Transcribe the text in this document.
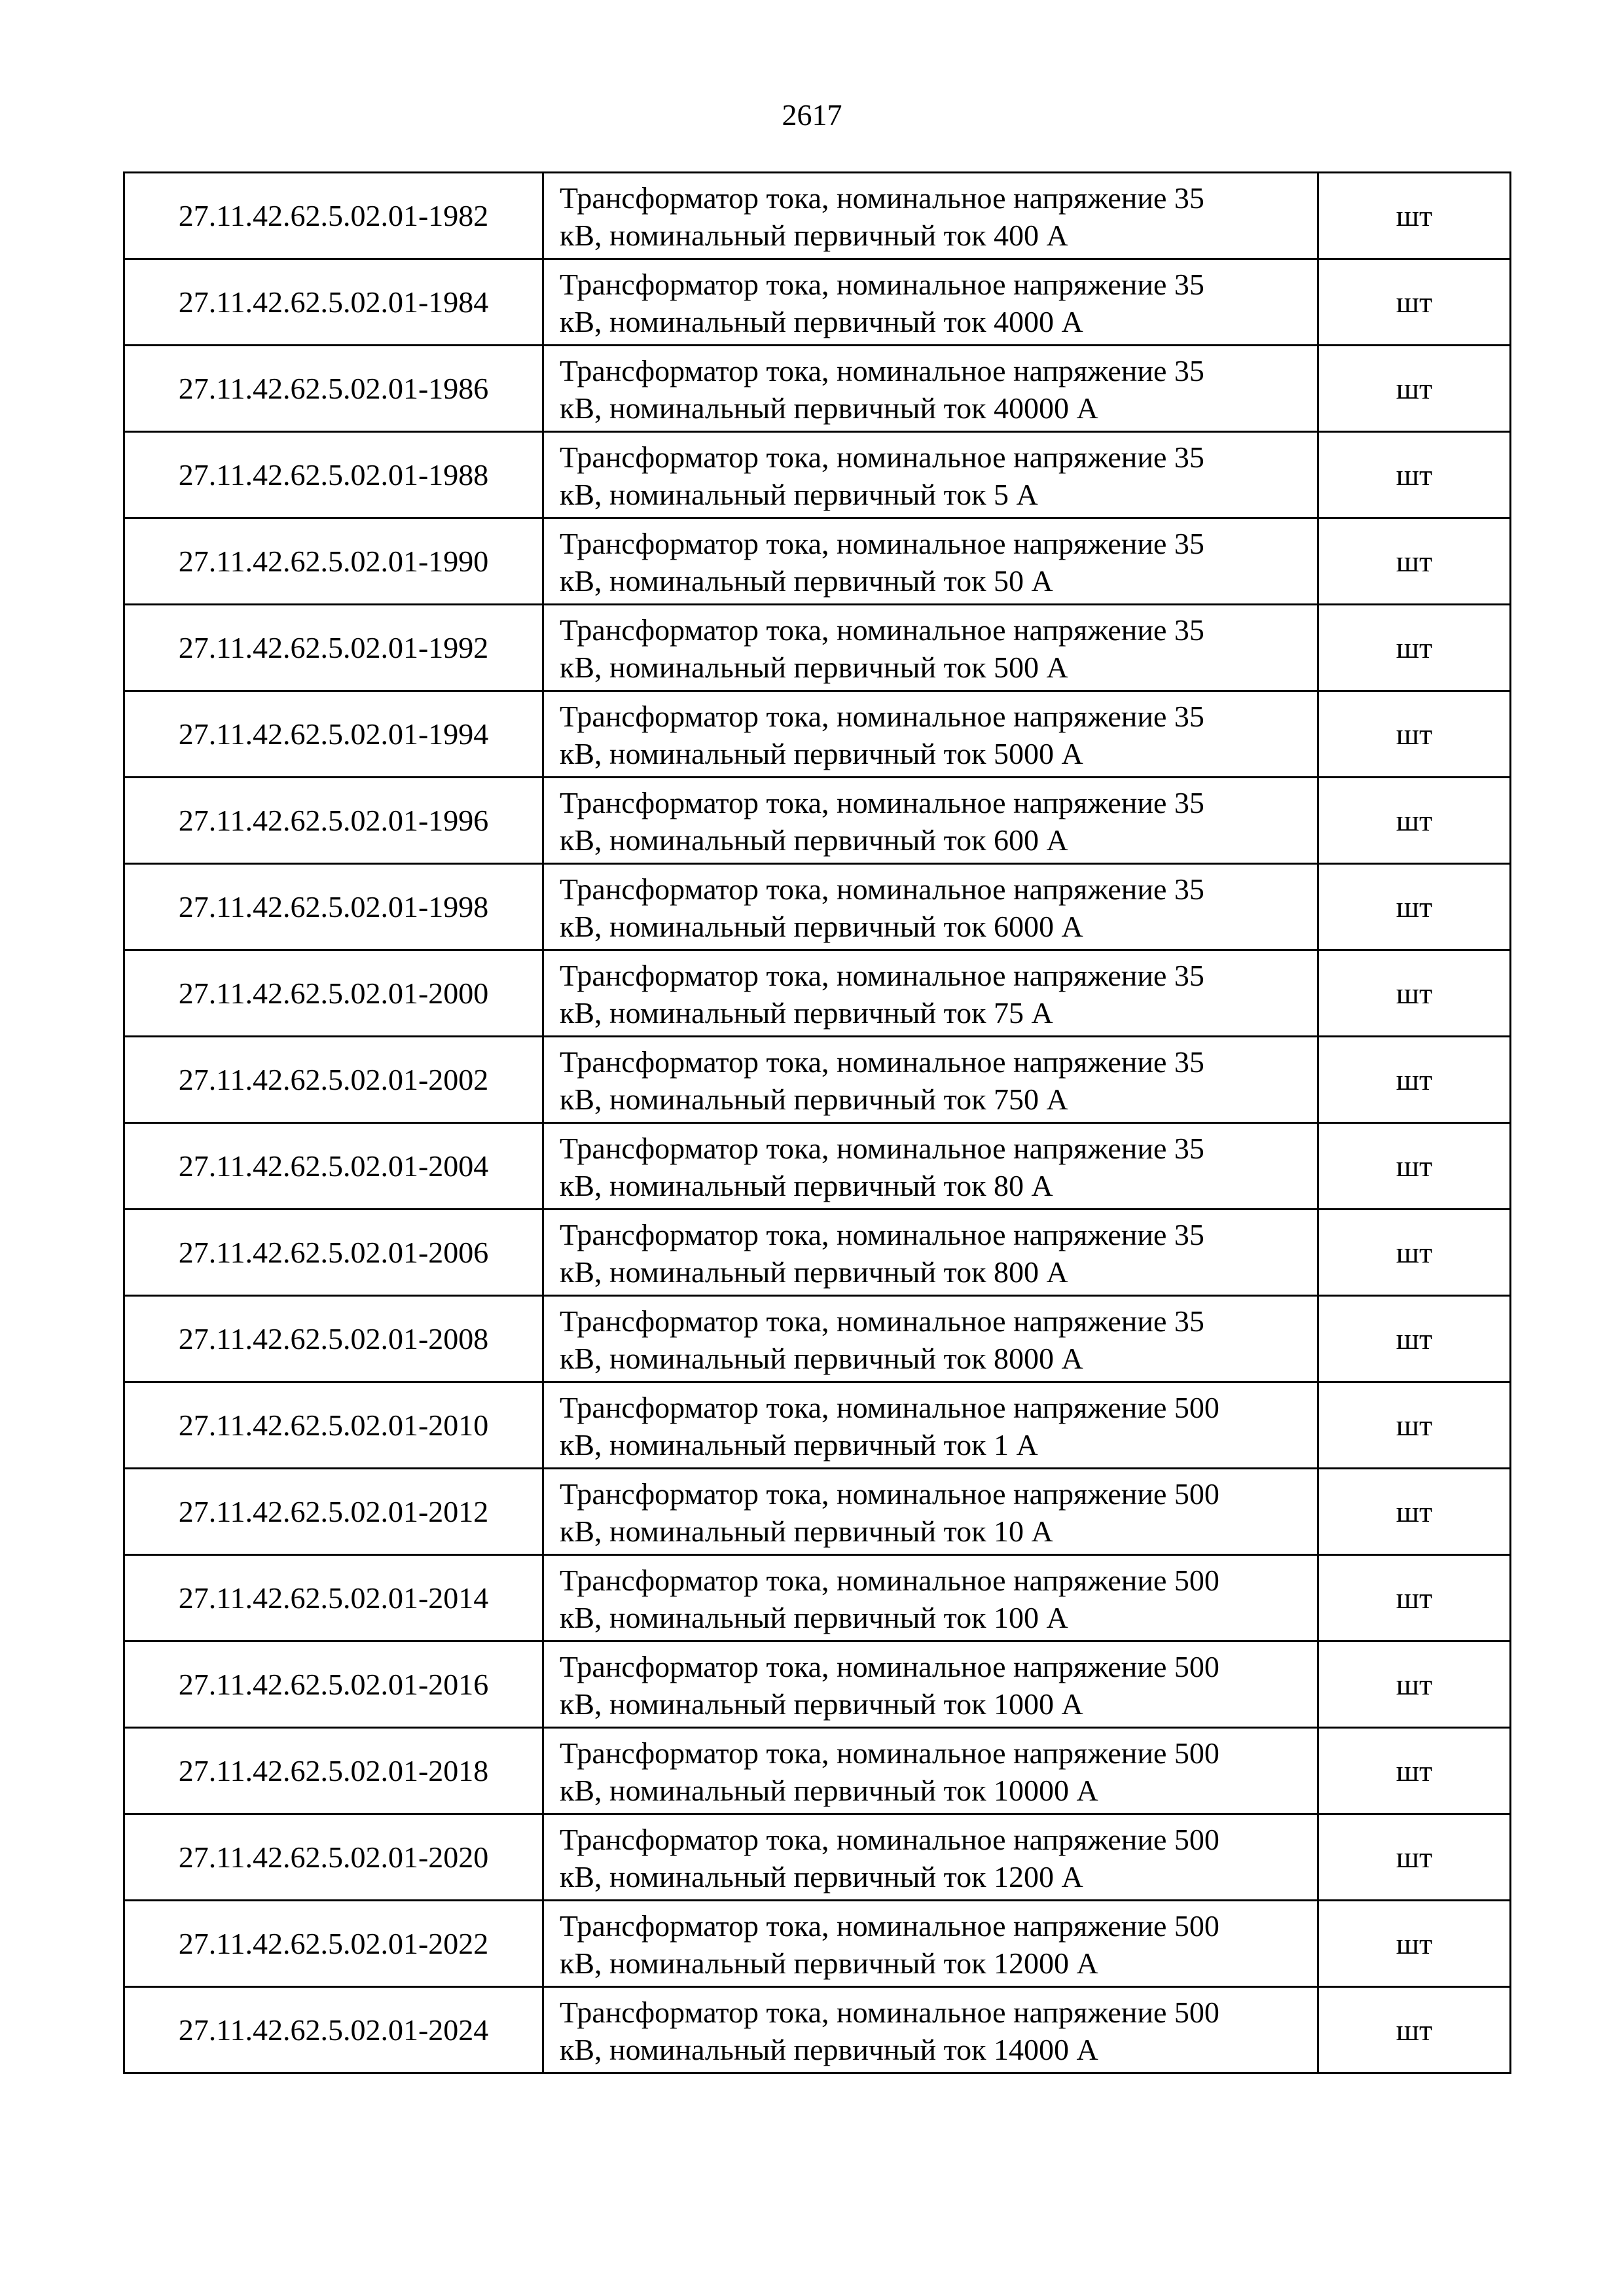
2617
27.11.42.62.5.02.01-1982	Трансформатор тока, номинальное напряжение 35
кВ, номинальный первичный ток 400 А	шт
27.11.42.62.5.02.01-1984	Трансформатор тока, номинальное напряжение 35
кВ, номинальный первичный ток 4000 А	шт
27.11.42.62.5.02.01-1986	Трансформатор тока, номинальное напряжение 35
кВ, номинальный первичный ток 40000 А	шт
27.11.42.62.5.02.01-1988	Трансформатор тока, номинальное напряжение 35
кВ, номинальный первичный ток 5 А	шт
27.11.42.62.5.02.01-1990	Трансформатор тока, номинальное напряжение 35
кВ, номинальный первичный ток 50 А	шт
27.11.42.62.5.02.01-1992	Трансформатор тока, номинальное напряжение 35
кВ, номинальный первичный ток 500 А	шт
27.11.42.62.5.02.01-1994	Трансформатор тока, номинальное напряжение 35
кВ, номинальный первичный ток 5000 А	шт
27.11.42.62.5.02.01-1996	Трансформатор тока, номинальное напряжение 35
кВ, номинальный первичный ток 600 А	шт
27.11.42.62.5.02.01-1998	Трансформатор тока, номинальное напряжение 35
кВ, номинальный первичный ток 6000 А	шт
27.11.42.62.5.02.01-2000	Трансформатор тока, номинальное напряжение 35
кВ, номинальный первичный ток 75 А	шт
27.11.42.62.5.02.01-2002	Трансформатор тока, номинальное напряжение 35
кВ, номинальный первичный ток 750 А	шт
27.11.42.62.5.02.01-2004	Трансформатор тока, номинальное напряжение 35
кВ, номинальный первичный ток 80 А	шт
27.11.42.62.5.02.01-2006	Трансформатор тока, номинальное напряжение 35
кВ, номинальный первичный ток 800 А	шт
27.11.42.62.5.02.01-2008	Трансформатор тока, номинальное напряжение 35
кВ, номинальный первичный ток 8000 А	шт
27.11.42.62.5.02.01-2010	Трансформатор тока, номинальное напряжение 500
кВ, номинальный первичный ток 1 А	шт
27.11.42.62.5.02.01-2012	Трансформатор тока, номинальное напряжение 500
кВ, номинальный первичный ток 10 А	шт
27.11.42.62.5.02.01-2014	Трансформатор тока, номинальное напряжение 500
кВ, номинальный первичный ток 100 А	шт
27.11.42.62.5.02.01-2016	Трансформатор тока, номинальное напряжение 500
кВ, номинальный первичный ток 1000 А	шт
27.11.42.62.5.02.01-2018	Трансформатор тока, номинальное напряжение 500
кВ, номинальный первичный ток 10000 А	шт
27.11.42.62.5.02.01-2020	Трансформатор тока, номинальное напряжение 500
кВ, номинальный первичный ток 1200 А	шт
27.11.42.62.5.02.01-2022	Трансформатор тока, номинальное напряжение 500
кВ, номинальный первичный ток 12000 А	шт
27.11.42.62.5.02.01-2024	Трансформатор тока, номинальное напряжение 500
кВ, номинальный первичный ток 14000 А	шт
